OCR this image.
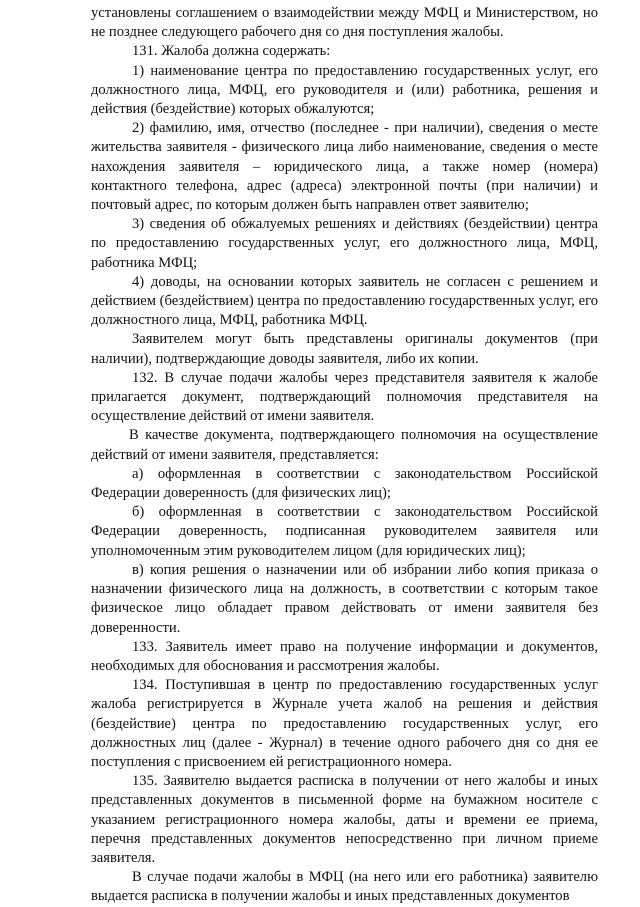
установлены соглашением о взаимодействии между МФЦ и Министерством, но не позднее следующего рабочего дня со дня поступления жалобы.

131. Жалоба должна содержать:

1) наименование центра по предоставлению государственных услуг, его должностного лица, МФЦ, его руководителя и (или) работника, решения и действия (бездействие) которых обжалуются;

2) фамилию, имя, отчество (последнее - при наличии), сведения о месте жительства заявителя - физического лица либо наименование, сведения о месте нахождения заявителя – юридического лица, а также номер (номера) контактного телефона, адрес (адреса) электронной почты (при наличии) и почтовый адрес, по которым должен быть направлен ответ заявителю;

3) сведения об обжалуемых решениях и действиях (бездействии) центра по предоставлению государственных услуг, его должностного лица, МФЦ, работника МФЦ;

4) доводы, на основании которых заявитель не согласен с решением и действием (бездействием) центра по предоставлению государственных услуг, его должностного лица, МФЦ, работника МФЦ.

Заявителем могут быть представлены оригиналы документов (при наличии), подтверждающие доводы заявителя, либо их копии.

132. В случае подачи жалобы через представителя заявителя к жалобе прилагается документ, подтверждающий полномочия представителя на осуществление действий от имени заявителя.

В качестве документа, подтверждающего полномочия на осуществление действий от имени заявителя, представляется:

а) оформленная в соответствии с законодательством Российской Федерации доверенность (для физических лиц);

б) оформленная в соответствии с законодательством Российской Федерации доверенность, подписанная руководителем заявителя или уполномоченным этим руководителем лицом (для юридических лиц);

в) копия решения о назначении или об избрании либо копия приказа о назначении физического лица на должность, в соответствии с которым такое физическое лицо обладает правом действовать от имени заявителя без доверенности.

133. Заявитель имеет право на получение информации и документов, необходимых для обоснования и рассмотрения жалобы.

134. Поступившая в центр по предоставлению государственных услуг жалоба регистрируется в Журнале учета жалоб на решения и действия (бездействие) центра по предоставлению государственных услуг, его должностных лиц (далее - Журнал) в течение одного рабочего дня со дня ее поступления с присвоением ей регистрационного номера.

135. Заявителю выдается расписка в получении от него жалобы и иных представленных документов в письменной форме на бумажном носителе с указанием регистрационного номера жалобы, даты и времени ее приема, перечня представленных документов непосредственно при личном приеме заявителя.

В случае подачи жалобы в МФЦ (на него или его работника) заявителю выдается расписка в получении жалобы и иных представленных документов
